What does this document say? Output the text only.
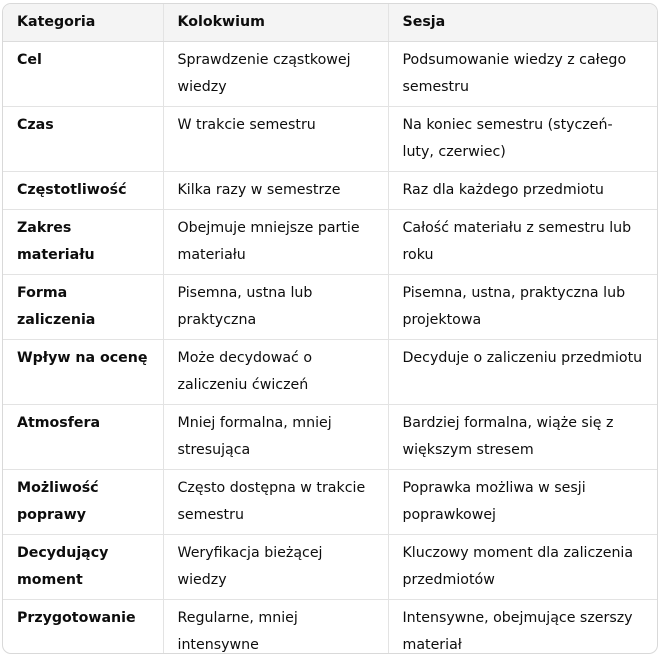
Kategoria	Kolokwium	Sesja
Cel	Sprawdzenie cząstkowej wiedzy	Podsumowanie wiedzy z całego semestru
Czas	W trakcie semestru	Na koniec semestru (styczeń-luty, czerwiec)
Częstotliwość	Kilka razy w semestrze	Raz dla każdego przedmiotu
Zakres materiału	Obejmuje mniejsze partie materiału	Całość materiału z semestru lub roku
Forma zaliczenia	Pisemna, ustna lub praktyczna	Pisemna, ustna, praktyczna lub projektowa
Wpływ na ocenę	Może decydować o zaliczeniu ćwiczeń	Decyduje o zaliczeniu przedmiotu
Atmosfera	Mniej formalna, mniej stresująca	Bardziej formalna, wiąże się z większym stresem
Możliwość poprawy	Często dostępna w trakcie semestru	Poprawka możliwa w sesji poprawkowej
Decydujący moment	Weryfikacja bieżącej wiedzy	Kluczowy moment dla zaliczenia przedmiotów
Przygotowanie	Regularne, mniej intensywne	Intensywne, obejmujące szerszy materiał
